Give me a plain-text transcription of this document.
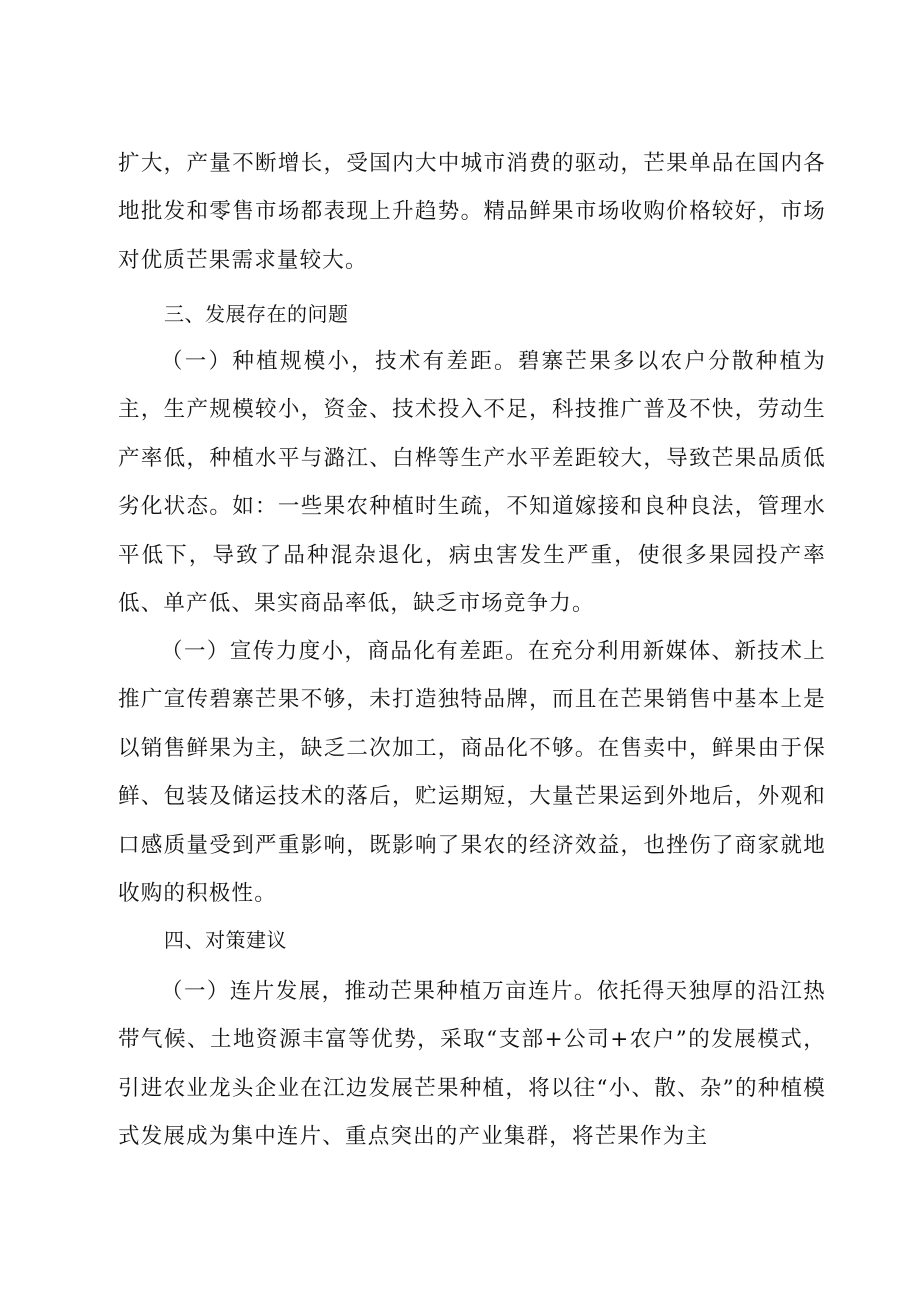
扩大，产量不断增长，受国内大中城市消费的驱动，芒果单品在国内各地批发和零售市场都表现上升趋势。精品鲜果市场收购价格较好，市场对优质芒果需求量较大。

三、发展存在的问题

（一）种植规模小，技术有差距。碧寨芒果多以农户分散种植为主，生产规模较小，资金、技术投入不足，科技推广普及不快，劳动生产率低，种植水平与潞江、白桦等生产水平差距较大，导致芒果品质低劣化状态。如：一些果农种植时生疏，不知道嫁接和良种良法，管理水平低下，导致了品种混杂退化，病虫害发生严重，使很多果园投产率低、单产低、果实商品率低，缺乏市场竞争力。

（一）宣传力度小，商品化有差距。在充分利用新媒体、新技术上推广宣传碧寨芒果不够，未打造独特品牌，而且在芒果销售中基本上是以销售鲜果为主，缺乏二次加工，商品化不够。在售卖中，鲜果由于保鲜、包装及储运技术的落后，贮运期短，大量芒果运到外地后，外观和口感质量受到严重影响，既影响了果农的经济效益，也挫伤了商家就地收购的积极性。

四、对策建议

（一）连片发展，推动芒果种植万亩连片。依托得天独厚的沿江热带气候、土地资源丰富等优势，采取“支部+公司+农户”的发展模式，引进农业龙头企业在江边发展芒果种植，将以往“小、散、杂”的种植模式发展成为集中连片、重点突出的产业集群，将芒果作为主
